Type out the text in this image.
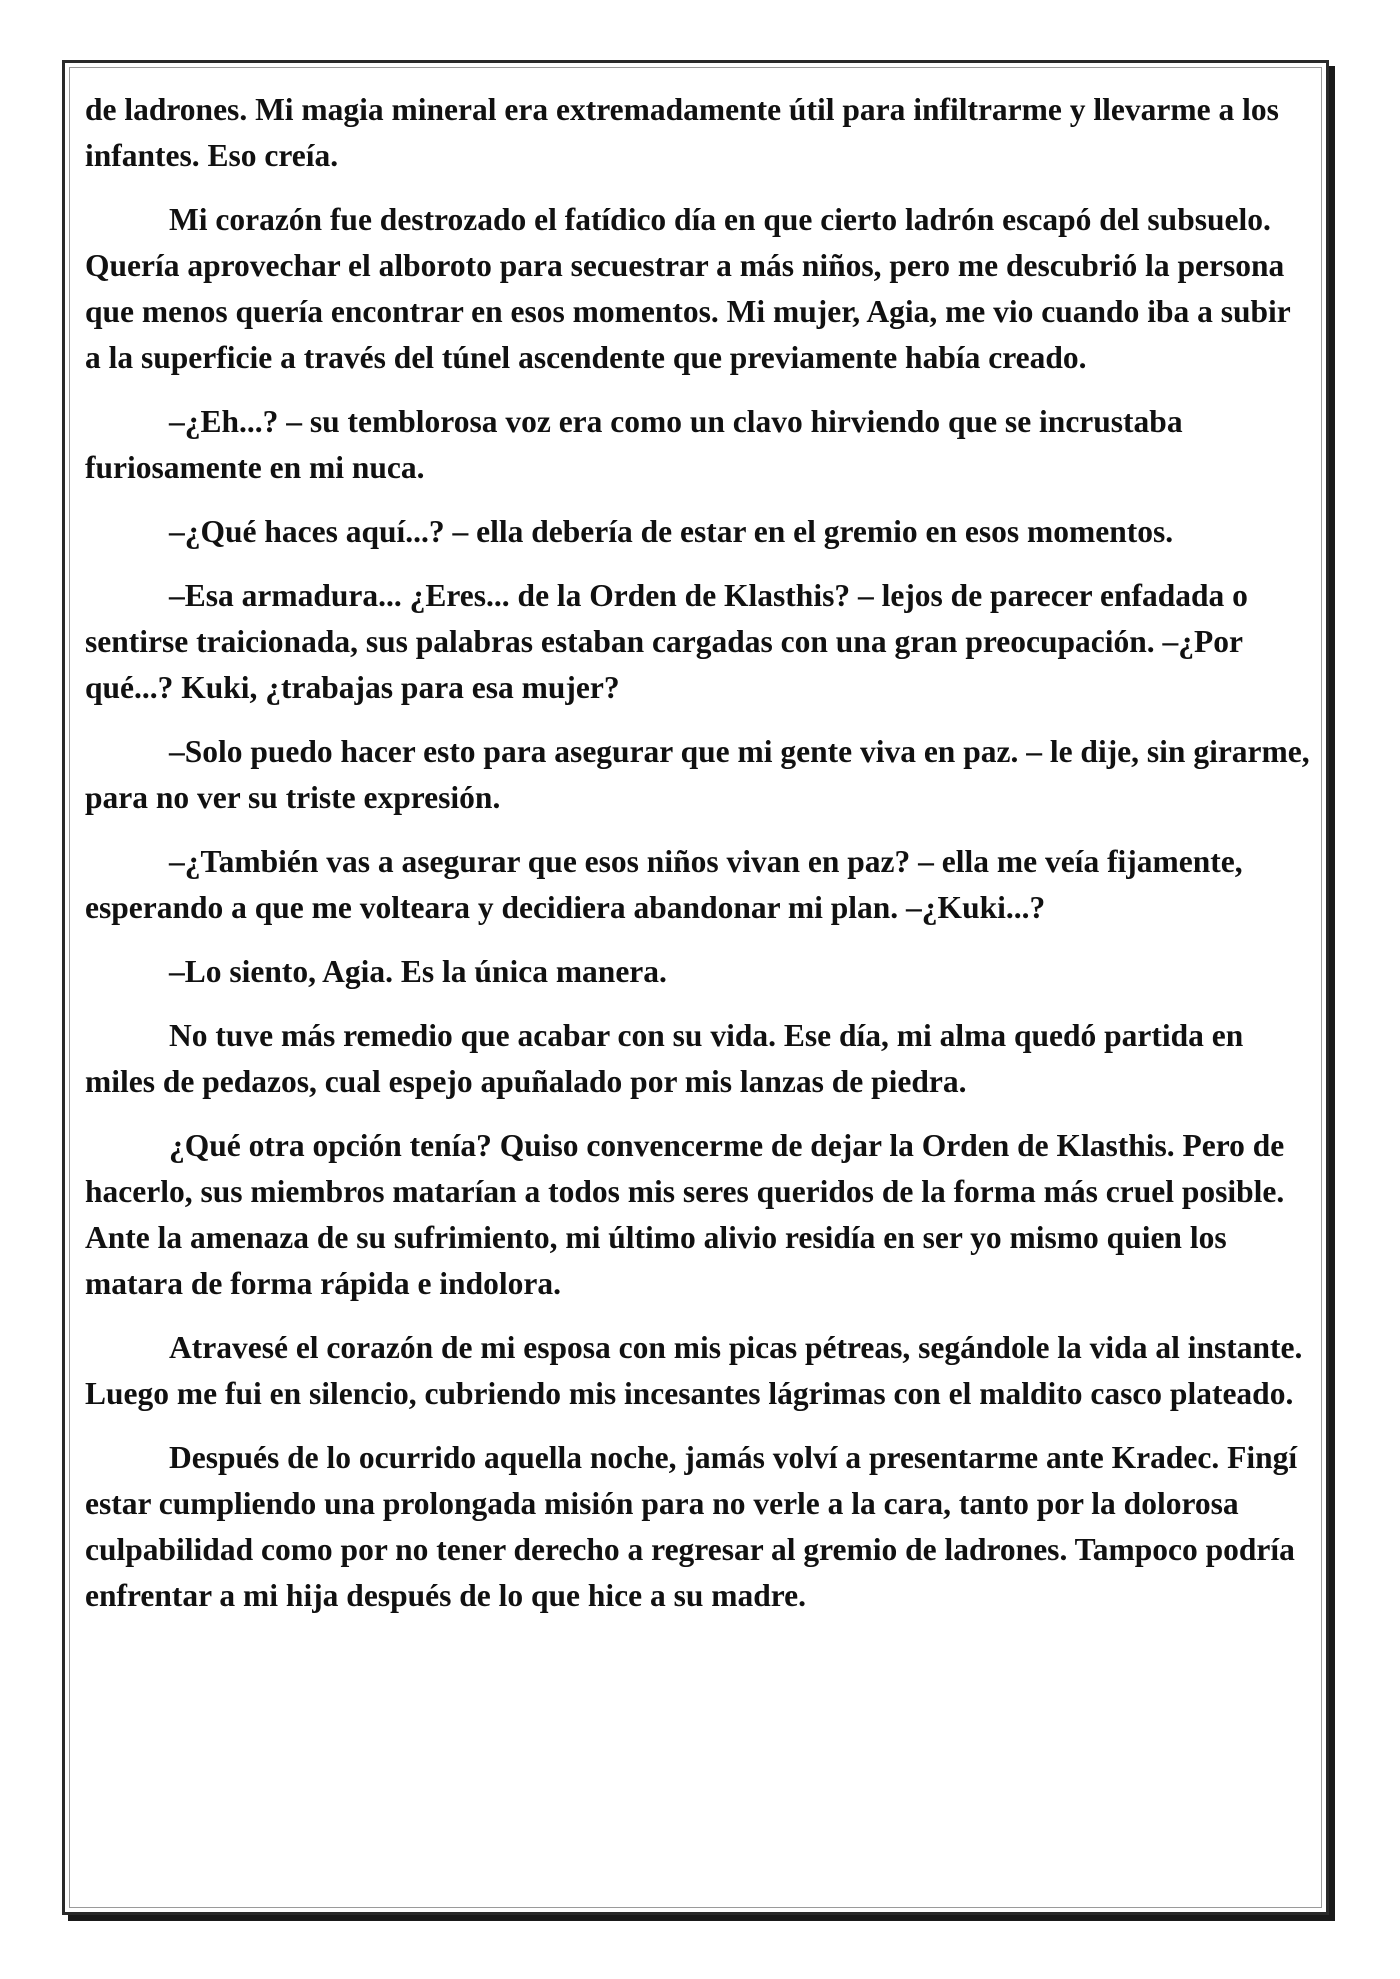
de ladrones. Mi magia mineral era extremadamente útil para infiltrarme y llevarme a los infantes. Eso creía.

Mi corazón fue destrozado el fatídico día en que cierto ladrón escapó del subsuelo. Quería aprovechar el alboroto para secuestrar a más niños, pero me descubrió la persona que menos quería encontrar en esos momentos. Mi mujer, Agia, me vio cuando iba a subir a la superficie a través del túnel ascendente que previamente había creado.

–¿Eh...? – su temblorosa voz era como un clavo hirviendo que se incrustaba furiosamente en mi nuca.

–¿Qué haces aquí...? – ella debería de estar en el gremio en esos momentos.

–Esa armadura... ¿Eres... de la Orden de Klasthis? – lejos de parecer enfadada o sentirse traicionada, sus palabras estaban cargadas con una gran preocupación. –¿Por qué...? Kuki, ¿trabajas para esa mujer?

–Solo puedo hacer esto para asegurar que mi gente viva en paz. – le dije, sin girarme, para no ver su triste expresión.

–¿También vas a asegurar que esos niños vivan en paz? – ella me veía fijamente, esperando a que me volteara y decidiera abandonar mi plan. –¿Kuki...?

–Lo siento, Agia. Es la única manera.

No tuve más remedio que acabar con su vida. Ese día, mi alma quedó partida en miles de pedazos, cual espejo apuñalado por mis lanzas de piedra.

¿Qué otra opción tenía? Quiso convencerme de dejar la Orden de Klasthis. Pero de hacerlo, sus miembros matarían a todos mis seres queridos de la forma más cruel posible. Ante la amenaza de su sufrimiento, mi último alivio residía en ser yo mismo quien los matara de forma rápida e indolora.

Atravesé el corazón de mi esposa con mis picas pétreas, segándole la vida al instante. Luego me fui en silencio, cubriendo mis incesantes lágrimas con el maldito casco plateado.

Después de lo ocurrido aquella noche, jamás volví a presentarme ante Kradec. Fingí estar cumpliendo una prolongada misión para no verle a la cara, tanto por la dolorosa culpabilidad como por no tener derecho a regresar al gremio de ladrones. Tampoco podría enfrentar a mi hija después de lo que hice a su madre.
